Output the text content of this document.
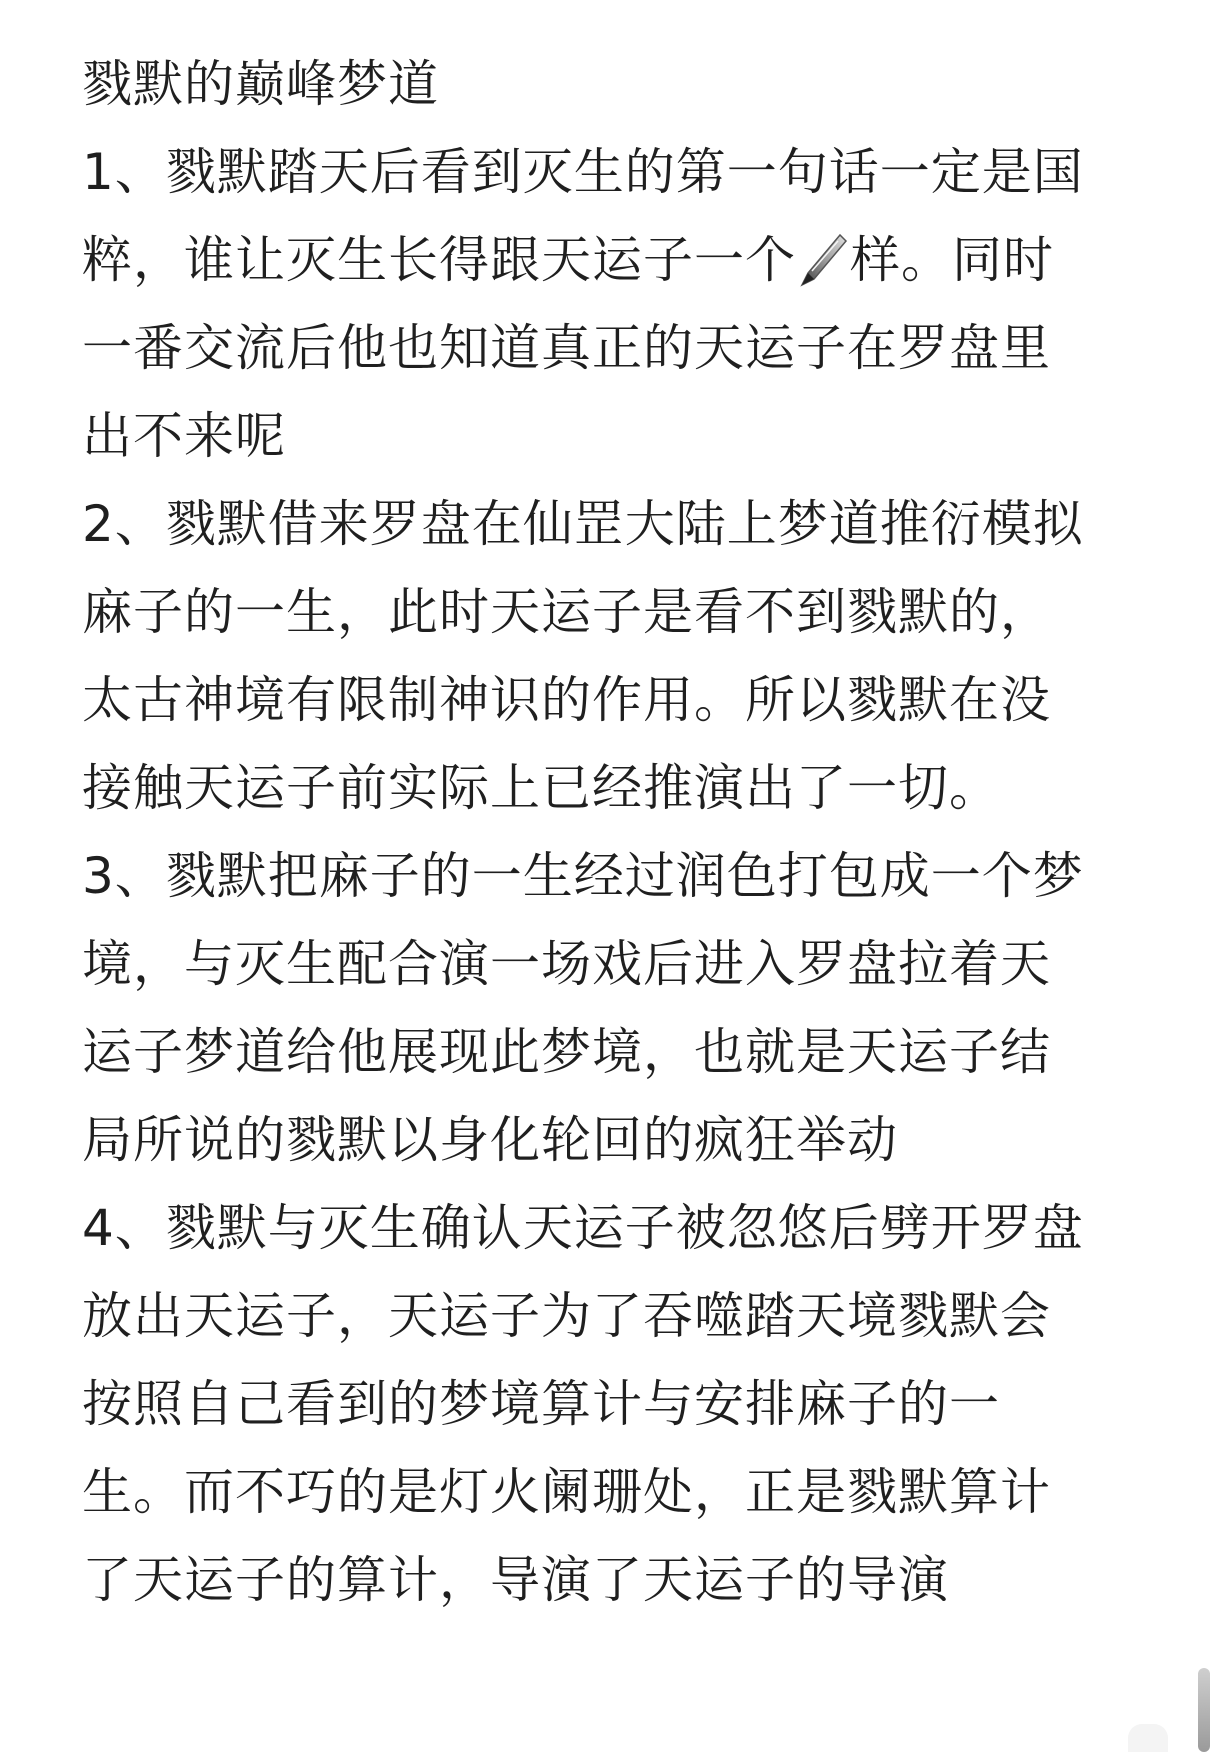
戮默的巅峰梦道
1、戮默踏天后看到灭生的第一句话一定是国
粹，谁让灭生长得跟天运子一个 样。同时
一番交流后他也知道真正的天运子在罗盘里
出不来呢
2、戮默借来罗盘在仙罡大陆上梦道推衍模拟
麻子的一生，此时天运子是看不到戮默的，
太古神境有限制神识的作用。所以戮默在没
接触天运子前实际上已经推演出了一切。
3、戮默把麻子的一生经过润色打包成一个梦
境，与灭生配合演一场戏后进入罗盘拉着天
运子梦道给他展现此梦境，也就是天运子结
局所说的戮默以身化轮回的疯狂举动
4、戮默与灭生确认天运子被忽悠后劈开罗盘
放出天运子，天运子为了吞噬踏天境戮默会
按照自己看到的梦境算计与安排麻子的一
生。而不巧的是灯火阑珊处，正是戮默算计
了天运子的算计，导演了天运子的导演
